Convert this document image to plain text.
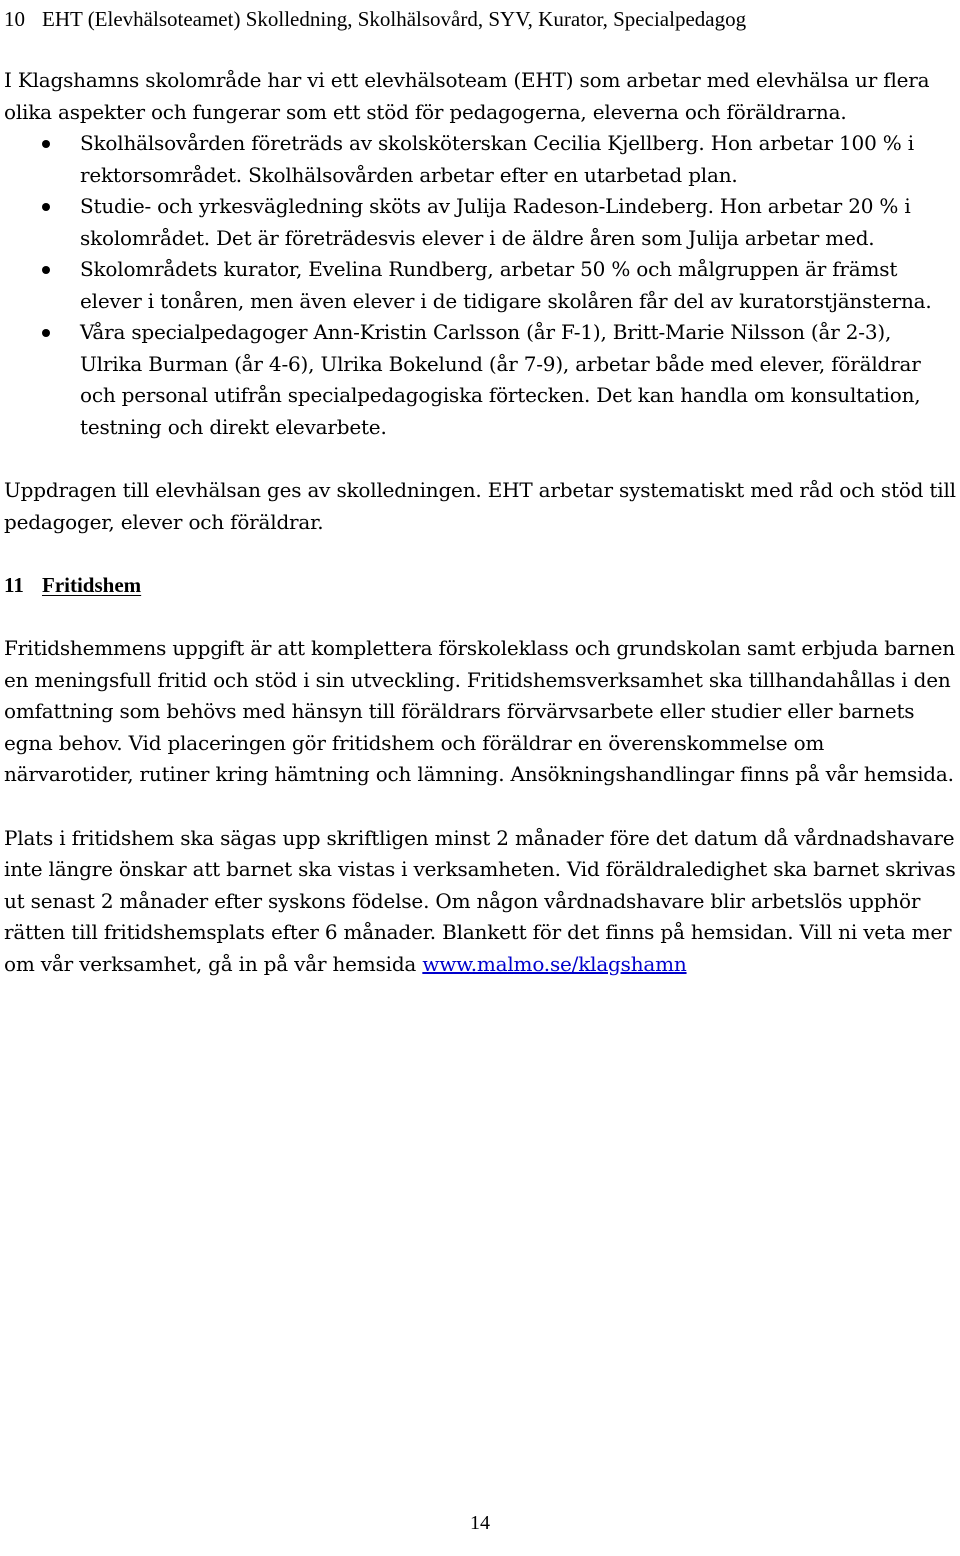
10 EHT (Elevhälsoteamet) Skolledning, Skolhälsovård, SYV, Kurator, Specialpedagog

I Klagshamns skolområde har vi ett elevhälsoteam (EHT) som arbetar med elevhälsa ur flera olika aspekter och fungerar som ett stöd för pedagogerna, eleverna och föräldrarna.

Skolhälsovården företräds av skolsköterskan Cecilia Kjellberg. Hon arbetar 100 % i rektorsområdet. Skolhälsovården arbetar efter en utarbetad plan.
Studie- och yrkesvägledning sköts av Julija Radeson-Lindeberg. Hon arbetar 20 % i skolområdet. Det är företrädesvis elever i de äldre åren som Julija arbetar med.
Skolområdets kurator, Evelina Rundberg, arbetar 50 % och målgruppen är främst elever i tonåren, men även elever i de tidigare skolåren får del av kuratorstjänsterna.
Våra specialpedagoger Ann-Kristin Carlsson (år F-1), Britt-Marie Nilsson (år 2-3), Ulrika Burman (år 4-6), Ulrika Bokelund (år 7-9), arbetar både med elever, föräldrar och personal utifrån specialpedagogiska förtecken. Det kan handla om konsultation, testning och direkt elevarbete.

Uppdragen till elevhälsan ges av skolledningen. EHT arbetar systematiskt med råd och stöd till pedagoger, elever och föräldrar.

11 Fritidshem

Fritidshemmens uppgift är att komplettera förskoleklass och grundskolan samt erbjuda barnen en meningsfull fritid och stöd i sin utveckling. Fritidshemsverksamhet ska tillhandahållas i den omfattning som behövs med hänsyn till föräldrars förvärvsarbete eller studier eller barnets egna behov. Vid placeringen gör fritidshem och föräldrar en överenskommelse om närvarotider, rutiner kring hämtning och lämning. Ansökningshandlingar finns på vår hemsida.

Plats i fritidshem ska sägas upp skriftligen minst 2 månader före det datum då vårdnadshavare inte längre önskar att barnet ska vistas i verksamheten. Vid föräldraledighet ska barnet skrivas ut senast 2 månader efter syskons födelse. Om någon vårdnadshavare blir arbetslös upphör rätten till fritidshemsplats efter 6 månader. Blankett för det finns på hemsidan. Vill ni veta mer om vår verksamhet, gå in på vår hemsida www.malmo.se/klagshamn

14
